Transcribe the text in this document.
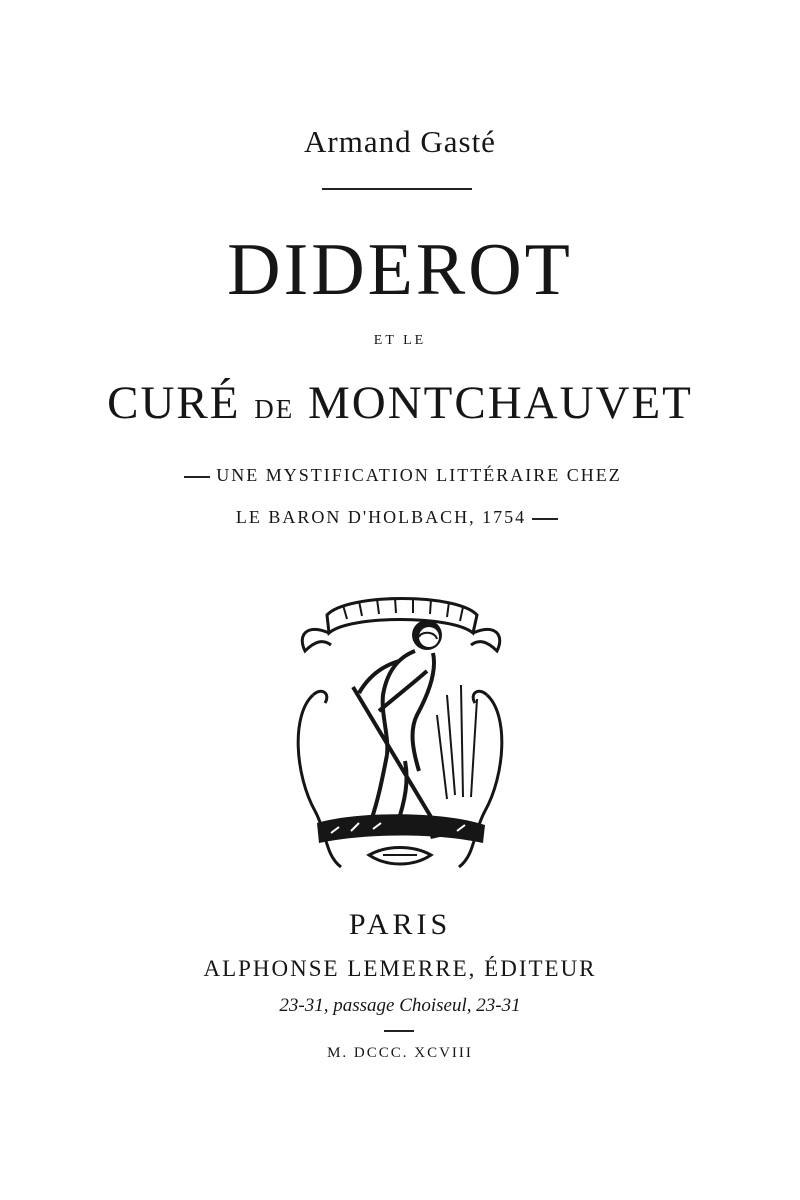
Armand Gasté
DIDEROT
ET LE
CURÉ DE MONTCHAUVET
UNE MYSTIFICATION LITTÉRAIRE CHEZ
LE BARON D'HOLBACH, 1754
PARIS
ALPHONSE LEMERRE, ÉDITEUR
23-31, passage Choiseul, 23-31
M. DCCC. XCVIII
